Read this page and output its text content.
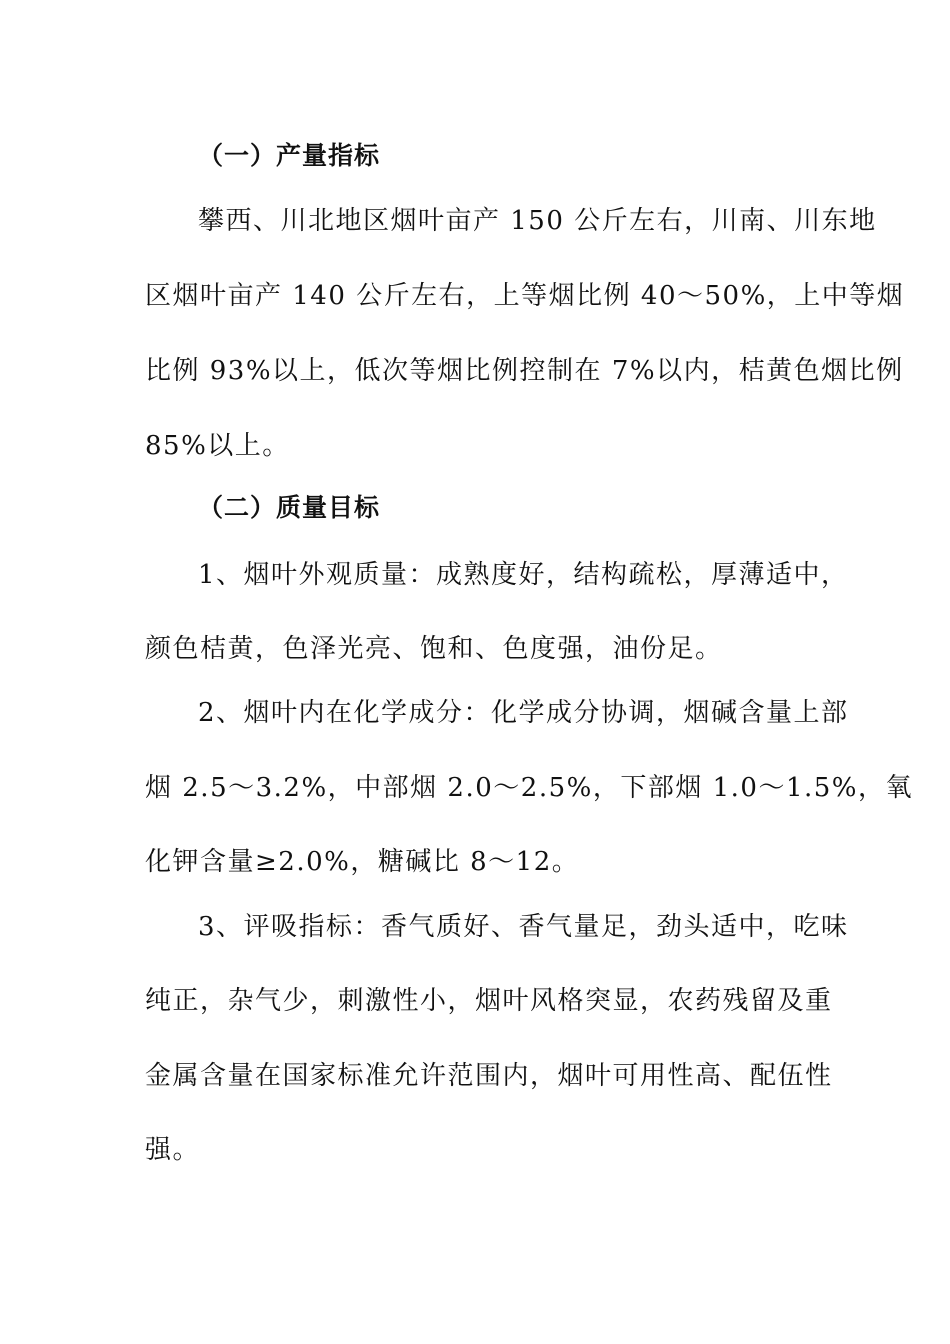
（一）产量指标
攀西、川北地区烟叶亩产 150 公斤左右，川南、川东地
区烟叶亩产 140 公斤左右，上等烟比例 40～50%，上中等烟
比例 93%以上，低次等烟比例控制在 7%以内，桔黄色烟比例
85%以上。
（二）质量目标
1、烟叶外观质量：成熟度好，结构疏松，厚薄适中，
颜色桔黄，色泽光亮、饱和、色度强，油份足。
2、烟叶内在化学成分：化学成分协调，烟碱含量上部
烟 2.5～3.2%，中部烟 2.0～2.5%，下部烟 1.0～1.5%，氧
化钾含量≥2.0%，糖碱比 8～12。
3、评吸指标：香气质好、香气量足，劲头适中，吃味
纯正，杂气少，刺激性小，烟叶风格突显，农药残留及重
金属含量在国家标准允许范围内，烟叶可用性高、配伍性
强。
